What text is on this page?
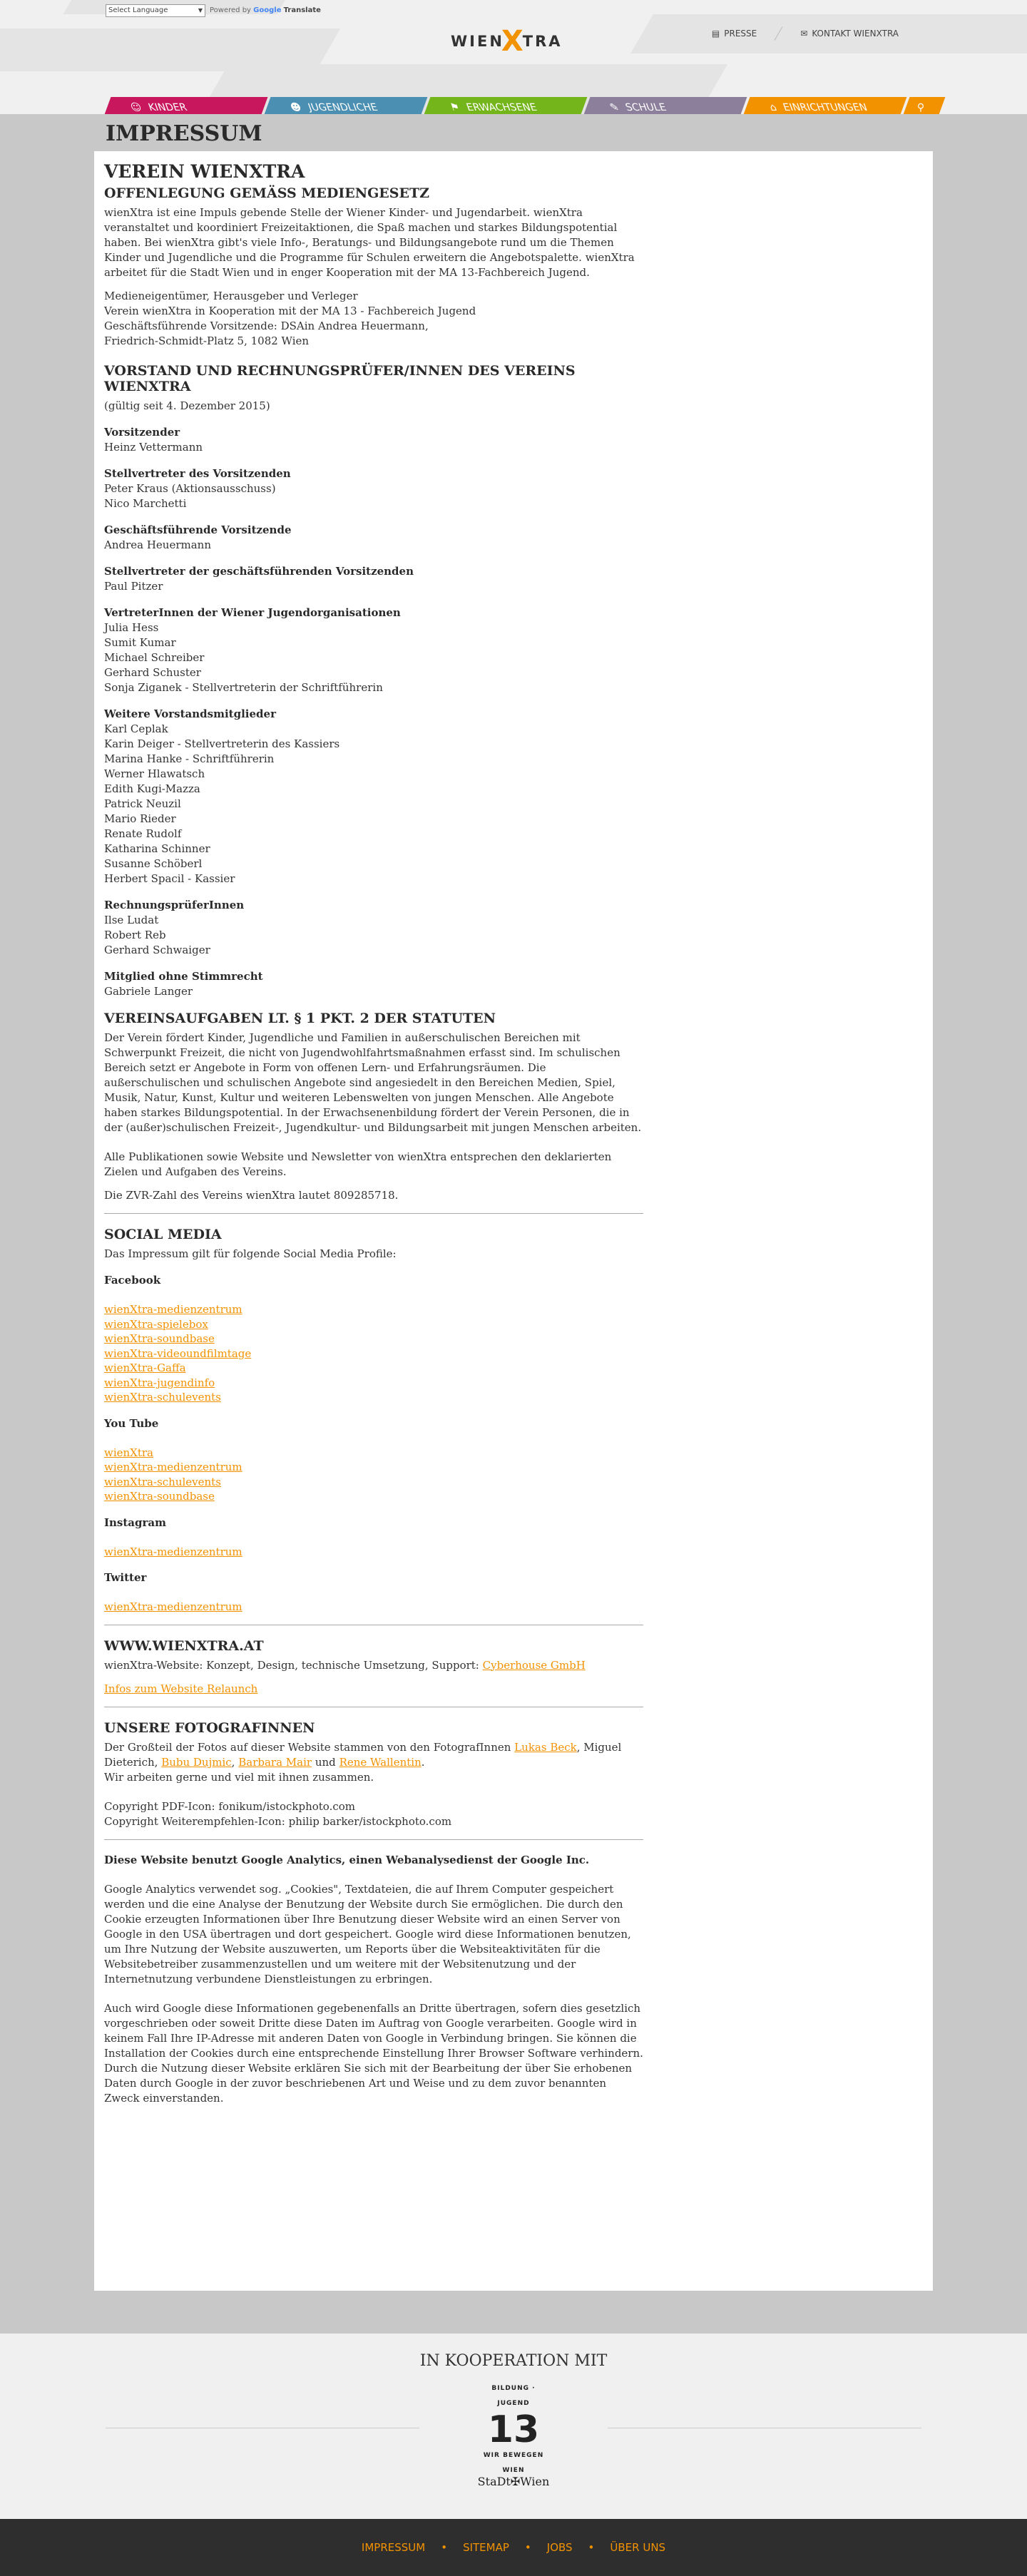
Select Language	▼ Powered by Google Translate
▤ PRESSE	✉ KONTAKT WIENXTRA
WIEN
X
TRA
☺ KINDER	☻ JUGENDLICHE	⚑ ERWACHSENE	✎ SCHULE	⌂ EINRICHTUNGEN	⚲
IMPRESSUM
VEREIN WIENXTRA
OFFENLEGUNG GEMÄSS MEDIENGESETZ

wienXtra ist eine Impuls gebende Stelle der Wiener Kinder- und Jugendarbeit. wienXtra veranstaltet und koordiniert Freizeitaktionen, die Spaß machen und starkes Bildungspotential haben. Bei wienXtra gibt's viele Info-, Beratungs- und Bildungsangebote rund um die Themen Kinder und Jugendliche und die Programme für Schulen erweitern die Angebotspalette. wienXtra arbeitet für die Stadt Wien und in enger Kooperation mit der MA 13-Fachbereich Jugend.

Medieneigentümer, Herausgeber und Verleger
Verein wienXtra in Kooperation mit der MA 13 - Fachbereich Jugend
Geschäftsführende Vorsitzende: DSAin Andrea Heuermann,
Friedrich-Schmidt-Platz 5, 1082 Wien
VORSTAND UND RECHNUNGSPRÜFER/INNEN DES VEREINS WIENXTRA
(gültig seit 4. Dezember 2015)
Vorsitzender
Heinz Vettermann
Stellvertreter des Vorsitzenden
Peter Kraus (Aktionsausschuss)
Nico Marchetti
Geschäftsführende Vorsitzende
Andrea Heuermann
Stellvertreter der geschäftsführenden Vorsitzenden
Paul Pitzer
VertreterInnen der Wiener Jugendorganisationen
Julia Hess
Sumit Kumar
Michael Schreiber
Gerhard Schuster
Sonja Ziganek - Stellvertreterin der Schriftführerin
Weitere Vorstandsmitglieder
Karl Ceplak
Karin Deiger - Stellvertreterin des Kassiers
Marina Hanke - Schriftführerin
Werner Hlawatsch
Edith Kugi-Mazza
Patrick Neuzil
Mario Rieder
Renate Rudolf
Katharina Schinner
Susanne Schöberl
Herbert Spacil - Kassier
RechnungsprüferInnen
Ilse Ludat
Robert Reb
Gerhard Schwaiger
Mitglied ohne Stimmrecht
Gabriele Langer
VEREINSAUFGABEN LT. § 1 PKT. 2 DER STATUTEN

Der Verein fördert Kinder, Jugendliche und Familien in außerschulischen Bereichen mit Schwerpunkt Freizeit, die nicht von Jugendwohlfahrtsmaßnahmen erfasst sind. Im schulischen Bereich setzt er Angebote in Form von offenen Lern- und Erfahrungsräumen. Die außerschulischen und schulischen Angebote sind angesiedelt in den Bereichen Medien, Spiel, Musik, Natur, Kunst, Kultur und weiteren Lebenswelten von jungen Menschen. Alle Angebote haben starkes Bildungspotential. In der Erwachsenenbildung fördert der Verein Personen, die in der (außer)schulischen Freizeit-, Jugendkultur- und Bildungsarbeit mit jungen Menschen arbeiten.

Alle Publikationen sowie Website und Newsletter von wienXtra entsprechen den deklarierten Zielen und Aufgaben des Vereins.

Die ZVR-Zahl des Vereins wienXtra lautet 809285718.

SOCIAL MEDIA
Das Impressum gilt für folgende Social Media Profile:
Facebook
wienXtra-medienzentrum
wienXtra-spielebox
wienXtra-soundbase
wienXtra-videoundfilmtage
wienXtra-Gaffa
wienXtra-jugendinfo
wienXtra-schulevents
You Tube
wienXtra
wienXtra-medienzentrum
wienXtra-schulevents
wienXtra-soundbase
Instagram
wienXtra-medienzentrum
Twitter
wienXtra-medienzentrum
WWW.WIENXTRA.AT

wienXtra-Website: Konzept, Design, technische Umsetzung, Support: Cyberhouse GmbH

Infos zum Website Relaunch

UNSERE FOTOGRAFINNEN
Der Großteil der Fotos auf dieser Website stammen von den FotografInnen Lukas Beck, Miguel Dieterich, Bubu Dujmic, Barbara Mair und Rene Wallentin.

Wir arbeiten gerne und viel mit ihnen zusammen.

Copyright PDF-Icon: fonikum/istockphoto.com
Copyright Weiterempfehlen-Icon: philip barker/istockphoto.com
Diese Website benutzt Google Analytics, einen Webanalysedienst der Google Inc.

Google Analytics verwendet sog. „Cookies", Textdateien, die auf Ihrem Computer gespeichert werden und die eine Analyse der Benutzung der Website durch Sie ermöglichen. Die durch den Cookie erzeugten Informationen über Ihre Benutzung dieser Website wird an einen Server von Google in den USA übertragen und dort gespeichert. Google wird diese Informationen benutzen, um Ihre Nutzung der Website auszuwerten, um Reports über die Websiteaktivitäten für die Websitebetreiber zusammenzustellen und um weitere mit der Websitenutzung und der Internetnutzung verbundene Dienstleistungen zu erbringen.

Auch wird Google diese Informationen gegebenenfalls an Dritte übertragen, sofern dies gesetzlich vorgeschrieben oder soweit Dritte diese Daten im Auftrag von Google verarbeiten. Google wird in keinem Fall Ihre IP-Adresse mit anderen Daten von Google in Verbindung bringen. Sie können die Installation der Cookies durch eine entsprechende Einstellung Ihrer Browser Software verhindern. Durch die Nutzung dieser Website erklären Sie sich mit der Bearbeitung der über Sie erhobenen Daten durch Google in der zuvor beschriebenen Art und Weise und zu dem zuvor benannten Zweck einverstanden.

IN KOOPERATION MIT
BILDUNG · JUGEND
13
WIR BEWEGEN WIEN
StaDt✠Wien
IMPRESSUM • SITEMAP • JOBS • ÜBER UNS
